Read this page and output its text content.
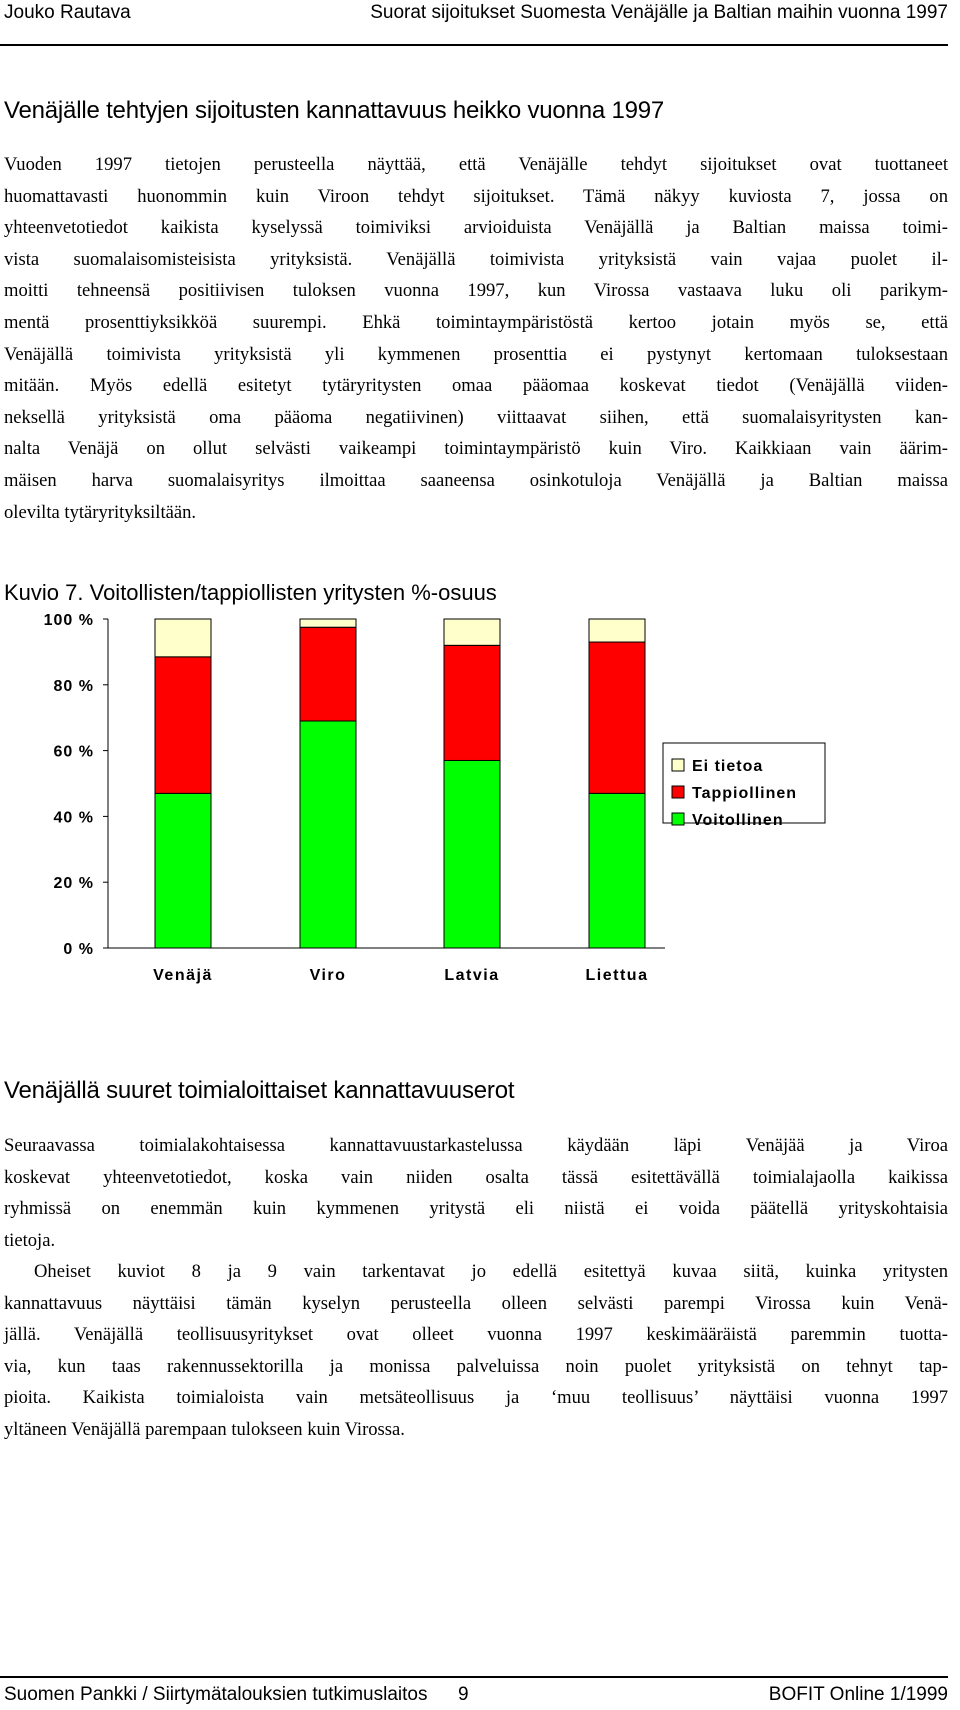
Jouko Rautava	Suorat sijoitukset Suomesta Venäjälle ja Baltian maihin vuonna 1997
Venäjälle tehtyjen sijoitusten kannattavuus heikko vuonna 1997
Vuoden 1997 tietojen perusteella näyttää, että Venäjälle tehdyt sijoitukset ovat tuottaneet
huomattavasti huonommin kuin Viroon tehdyt sijoitukset. Tämä näkyy kuviosta 7, jossa on
yhteenvetotiedot kaikista kyselyssä toimiviksi arvioiduista Venäjällä ja Baltian maissa toimi-
vista suomalaisomisteisista yrityksistä. Venäjällä toimivista yrityksistä vain vajaa puolet il-
moitti tehneensä positiivisen tuloksen vuonna 1997, kun Virossa vastaava luku oli parikym-
mentä prosenttiyksikköä suurempi. Ehkä toimintaympäristöstä kertoo jotain myös se, että
Venäjällä toimivista yrityksistä yli kymmenen prosenttia ei pystynyt kertomaan tuloksestaan
mitään. Myös edellä esitetyt tytäryritysten omaa pääomaa koskevat tiedot (Venäjällä viiden-
neksellä yrityksistä oma pääoma negatiivinen) viittaavat siihen, että suomalaisyritysten kan-
nalta Venäjä on ollut selvästi vaikeampi toimintaympäristö kuin Viro. Kaikkiaan vain äärim-
mäisen harva suomalaisyritys ilmoittaa saaneensa osinkotuloja Venäjällä ja Baltian maissa
olevilta tytäryrityksiltään.
Kuvio 7. Voitollisten/tappiollisten yritysten %-osuus
0 %
20 %
40 %
60 %
80 %
100 %
Venäjä	Viro	Latvia	Liettua
Ei tietoa
Tappiollinen
Voitollinen
Venäjällä suuret toimialoittaiset kannattavuuserot
Seuraavassa toimialakohtaisessa kannattavuustarkastelussa käydään läpi Venäjää ja Viroa
koskevat yhteenvetotiedot, koska vain niiden osalta tässä esitettävällä toimialajaolla kaikissa
ryhmissä on enemmän kuin kymmenen yritystä eli niistä ei voida päätellä yrityskohtaisia
tietoja.
Oheiset kuviot 8 ja 9 vain tarkentavat jo edellä esitettyä kuvaa siitä, kuinka yritysten
kannattavuus näyttäisi tämän kyselyn perusteella olleen selvästi parempi Virossa kuin Venä-
jällä. Venäjällä teollisuusyritykset ovat olleet vuonna 1997 keskimääräistä paremmin tuotta-
via, kun taas rakennussektorilla ja monissa palveluissa noin puolet yrityksistä on tehnyt tap-
pioita. Kaikista toimialoista vain metsäteollisuus ja ‘muu teollisuus’ näyttäisi vuonna 1997
yltäneen Venäjällä parempaan tulokseen kuin Virossa.
Suomen Pankki / Siirtymätalouksien tutkimuslaitos 9	BOFIT Online 1/1999
